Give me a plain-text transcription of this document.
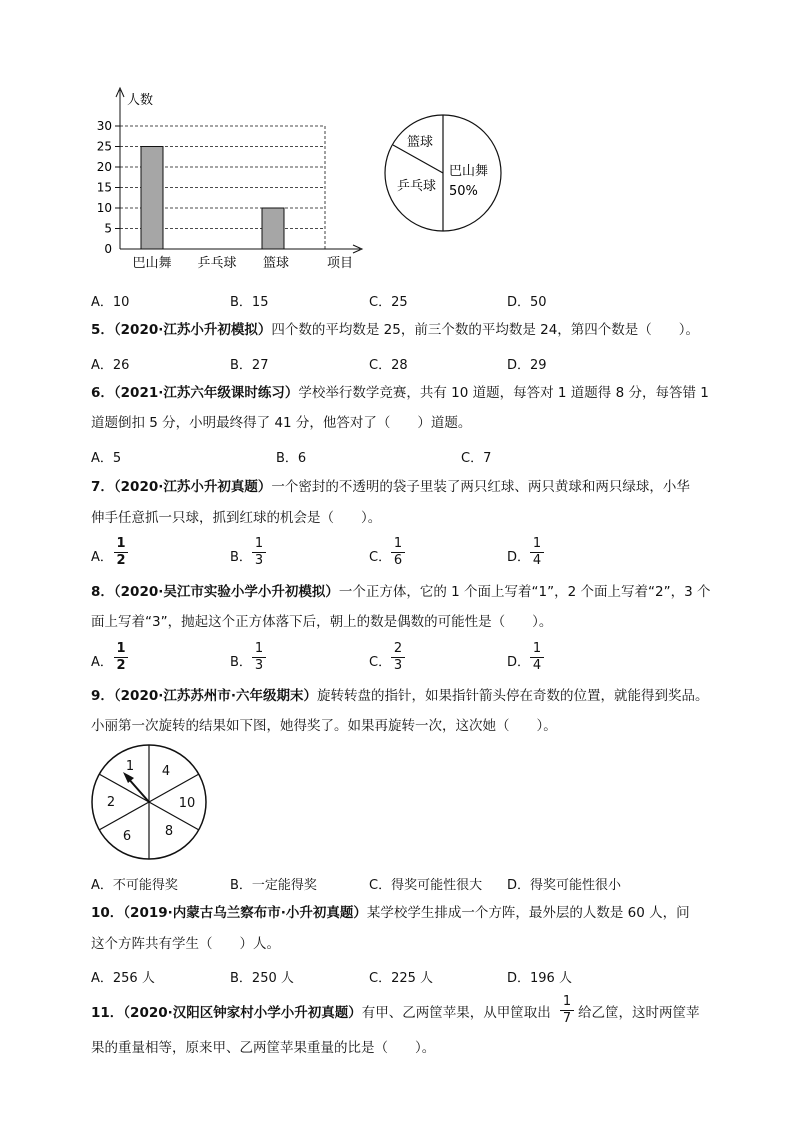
人数
30
25
20
15
10
5
0
巴山舞 乒乓球 篮球	项目
篮球
乒乓球
巴山舞
50%
A．10	B．15	C．25	D．50
5．（2020·江苏小升初模拟）四个数的平均数是 25，前三个数的平均数是 24，第四个数是（　　）。
A．26	B．27	C．28	D．29
6．（2021·江苏六年级课时练习）学校举行数学竞赛，共有 10 道题，每答对 1 道题得 8 分，每答错 1
道题倒扣 5 分，小明最终得了 41 分，他答对了（　　）道题。
A．5	B．6	C．7
7．（2020·江苏小升初真题）一个密封的不透明的袋子里装了两只红球、两只黄球和两只绿球，小华
伸手任意抓一只球，抓到红球的机会是（　　）。
A．
1
2	B．
1
3	C．
1
6	D．
1
4
8．（2020·吴江市实验小学小升初模拟）一个正方体，它的 1 个面上写着“1”，2 个面上写着“2”，3 个
面上写着“3”，抛起这个正方体落下后，朝上的数是偶数的可能性是（　　）。
A．
1
2	B．
1
3	C．
2
3	D．
1
4
9．（2020·江苏苏州市·六年级期末）旋转转盘的指针，如果指针箭头停在奇数的位置，就能得到奖品。
小丽第一次旋转的结果如下图，她得奖了。如果再旋转一次，这次她（　　）。
1 4
10
8
6
2
A．不可能得奖	B．一定能得奖	C．得奖可能性很大 D．得奖可能性很小
10．（2019·内蒙古乌兰察布市·小升初真题）某学校学生排成一个方阵，最外层的人数是 60 人，问
这个方阵共有学生（　　）人。
A．256 人	B．250 人	C．225 人	D．196 人
11．（2020·汉阳区钟家村小学小升初真题）有甲、乙两筐苹果，从甲筐取出
1
7 给乙筐，这时两筐苹
果的重量相等，原来甲、乙两筐苹果重量的比是（　　）。
